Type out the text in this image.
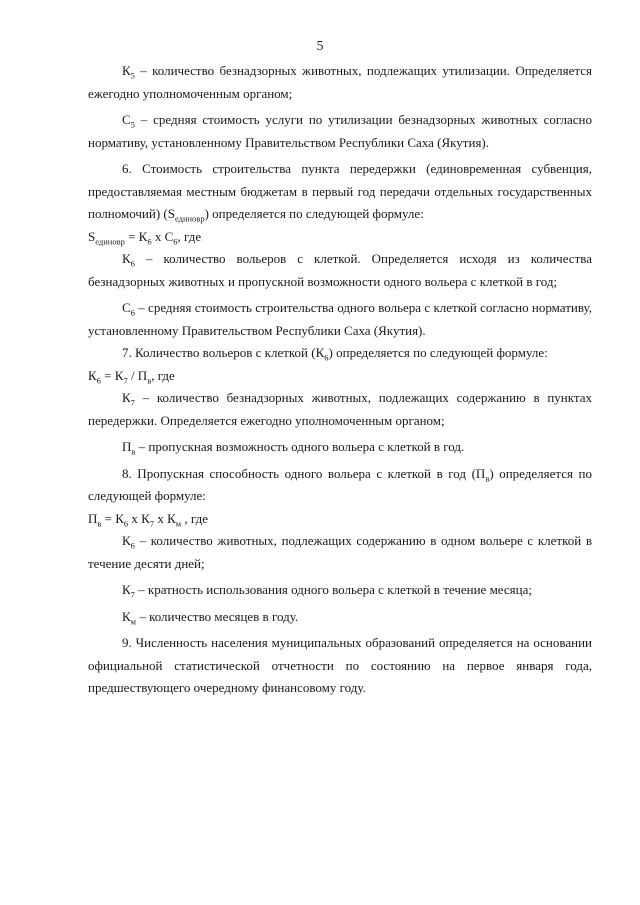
5

$К_5$ – количество безнадзорных животных, подлежащих утилизации. Определяется ежегодно уполномоченным органом;

$С_5$ – средняя стоимость услуги по утилизации безнадзорных животных согласно нормативу, установленному Правительством Республики Саха (Якутия).

6. Стоимость строительства пункта передержки (единовременная субвенция, предоставляемая местным бюджетам в первый год передачи отдельных государственных полномочий) $(S_{единовр})$ определяется по следующей формуле:

$S_{единовр} = К_6$ х $С_6$, где

$К_6$ – количество вольеров с клеткой. Определяется исходя из количества безнадзорных животных и пропускной возможности одного вольера с клеткой в год;

$С_6$ – средняя стоимость строительства одного вольера с клеткой согласно нормативу, установленному Правительством Республики Саха (Якутия).

7. Количество вольеров с клеткой $(К_6)$ определяется по следующей формуле:

$К_6 = К_7 / П_в$, где

$К_7$ – количество безнадзорных животных, подлежащих содержанию в пунктах передержки. Определяется ежегодно уполномоченным органом;

$П_в$ – пропускная возможность одного вольера с клеткой в год.

8. Пропускная способность одного вольера с клеткой в год $(П_в)$ определяется по следующей формуле:

$П_в = К_6$ х $К_7$ х $К_м$ , где

$К_6$ – количество животных, подлежащих содержанию в одном вольере с клеткой в течение десяти дней;

$К_7$ – кратность использования одного вольера с клеткой в течение месяца;

$К_м$ – количество месяцев в году.

9. Численность населения муниципальных образований определяется на основании официальной статистической отчетности по состоянию на первое января года, предшествующего очередному финансовому году.
